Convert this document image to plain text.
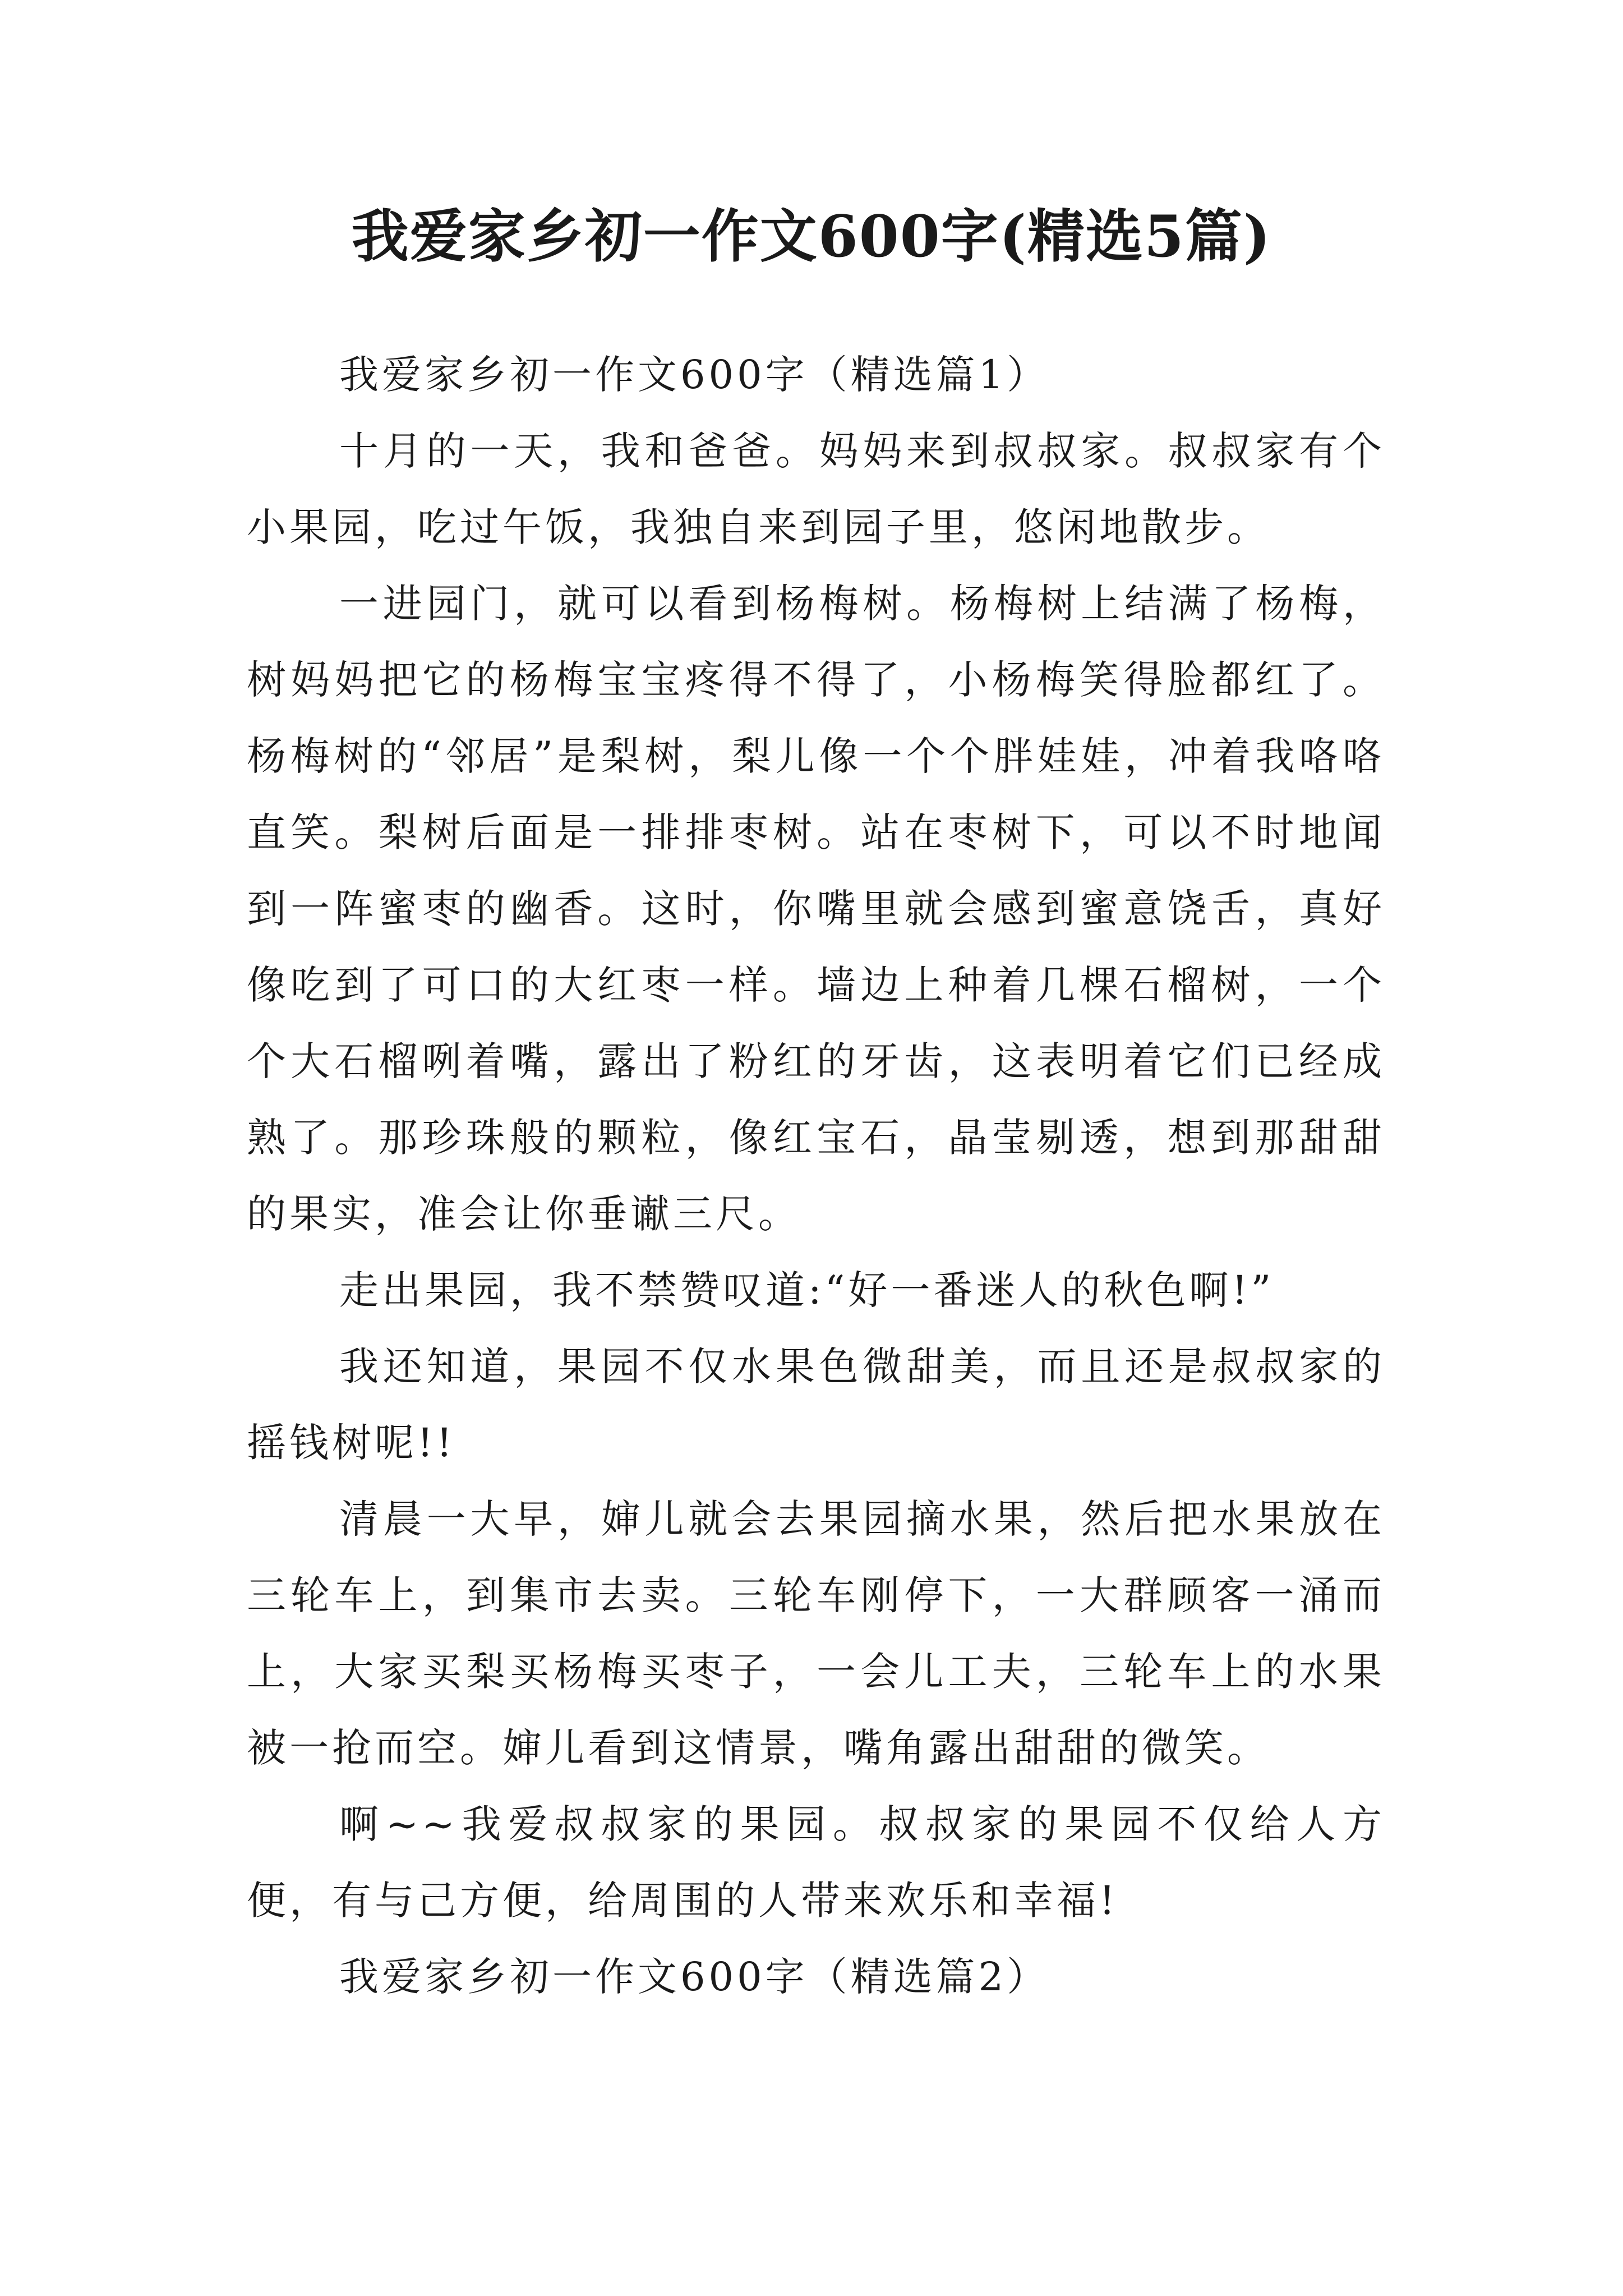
我爱家乡初一作文600字(精选5篇)

我爱家乡初一作文600字（精选篇1）

十月的一天，我和爸爸。妈妈来到叔叔家。叔叔家有个小果园，吃过午饭，我独自来到园子里，悠闲地散步。

一进园门，就可以看到杨梅树。杨梅树上结满了杨梅，树妈妈把它的杨梅宝宝疼得不得了，小杨梅笑得脸都红了。杨梅树的“邻居”是梨树，梨儿像一个个胖娃娃，冲着我咯咯直笑。梨树后面是一排排枣树。站在枣树下，可以不时地闻到一阵蜜枣的幽香。这时，你嘴里就会感到蜜意饶舌，真好像吃到了可口的大红枣一样。墙边上种着几棵石榴树，一个个大石榴咧着嘴，露出了粉红的牙齿，这表明着它们已经成熟了。那珍珠般的颗粒，像红宝石，晶莹剔透，想到那甜甜的果实，准会让你垂谳三尺。

走出果园，我不禁赞叹道:“好一番迷人的秋色啊!”

我还知道，果园不仅水果色微甜美，而且还是叔叔家的摇钱树呢!!

清晨一大早，婶儿就会去果园摘水果，然后把水果放在三轮车上，到集市去卖。三轮车刚停下，一大群顾客一涌而上，大家买梨买杨梅买枣子，一会儿工夫，三轮车上的水果被一抢而空。婶儿看到这情景，嘴角露出甜甜的微笑。

啊~~我爱叔叔家的果园。叔叔家的果园不仅给人方便，有与己方便，给周围的人带来欢乐和幸福!

我爱家乡初一作文600字（精选篇2）
